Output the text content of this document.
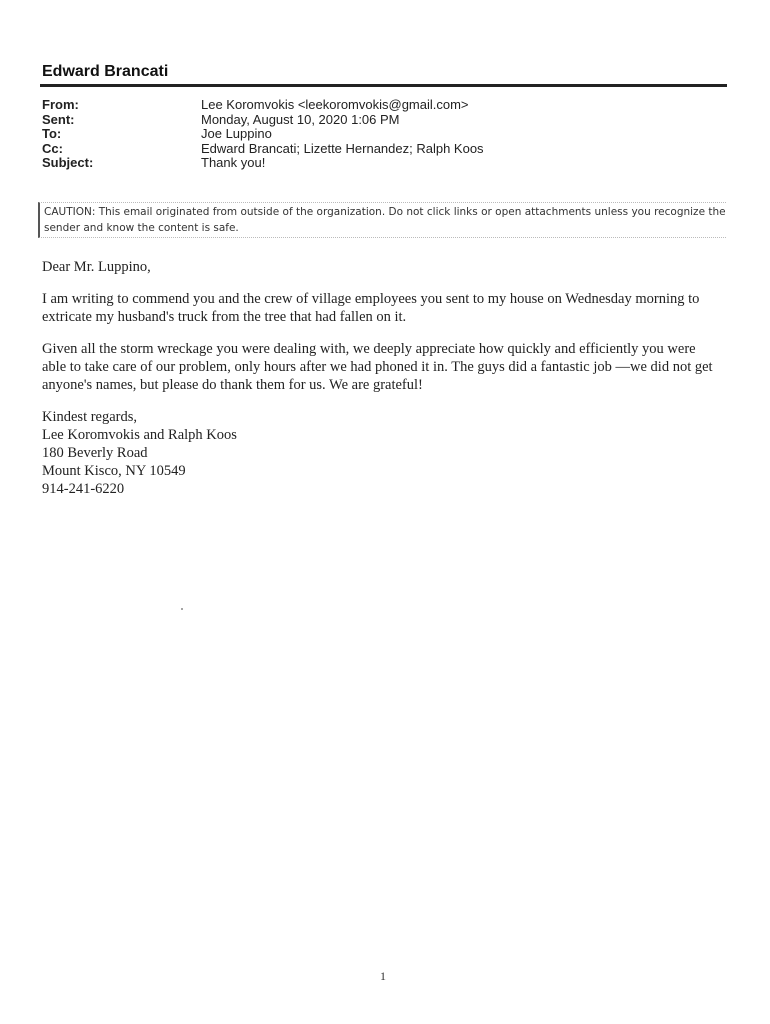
Edward Brancati
From:	Lee Koromvokis <leekoromvokis@gmail.com>
Sent:	Monday, August 10, 2020 1:06 PM
To:	Joe Luppino
Cc:	Edward Brancati; Lizette Hernandez; Ralph Koos
Subject:	Thank you!
CAUTION: This email originated from outside of the organization. Do not click links or open attachments unless you recognize the sender and know the content is safe.

Dear Mr. Luppino,

I am writing to commend you and the crew of village employees you sent to my house on Wednesday morning to extricate my husband's truck from the tree that had fallen on it.

Given all the storm wreckage you were dealing with, we deeply appreciate how quickly and efficiently you were able to take care of our problem, only hours after we had phoned it in. The guys did a fantastic job —we did not get anyone's names, but please do thank them for us. We are grateful!

Kindest regards,
Lee Koromvokis and Ralph Koos
180 Beverly Road
Mount Kisco, NY 10549
914-241-6220

1
